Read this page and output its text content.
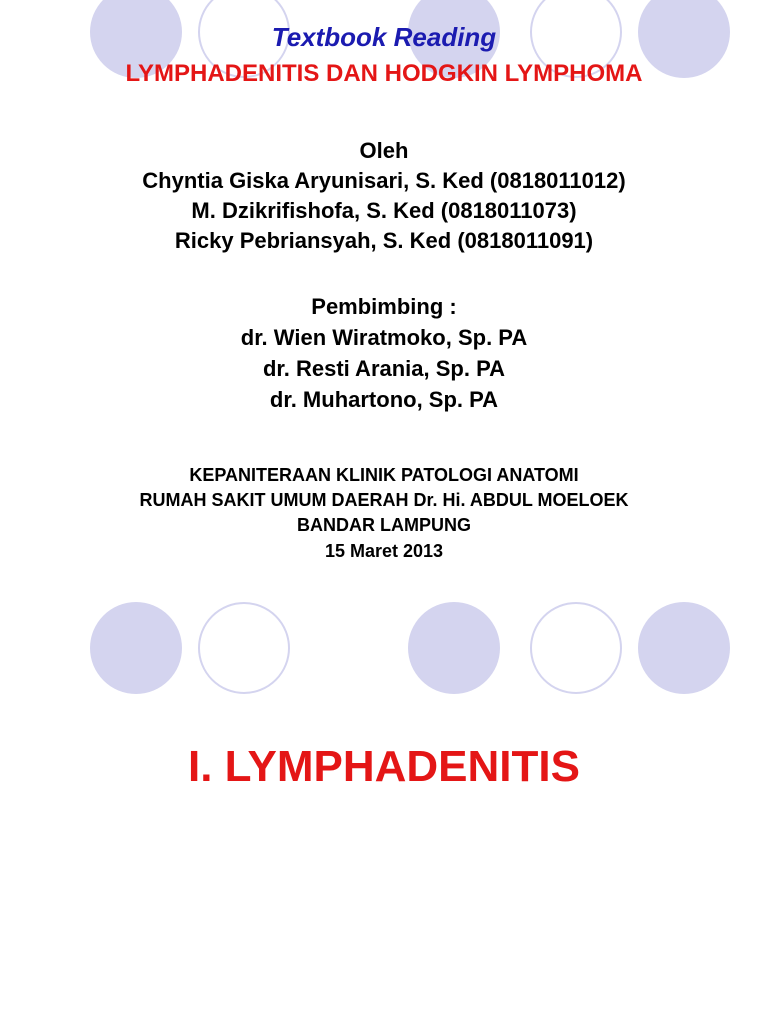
Textbook Reading
LYMPHADENITIS DAN HODGKIN LYMPHOMA
Oleh
Chyntia Giska Aryunisari, S. Ked (0818011012)
M. Dzikrifishofa, S. Ked (0818011073)
Ricky Pebriansyah, S. Ked (0818011091)
Pembimbing :
dr. Wien Wiratmoko, Sp. PA
dr. Resti Arania, Sp. PA
dr. Muhartono, Sp. PA
KEPANITERAAN KLINIK PATOLOGI ANATOMI
RUMAH SAKIT UMUM DAERAH Dr. Hi. ABDUL MOELOEK
BANDAR LAMPUNG
15 Maret 2013
I. LYMPHADENITIS
